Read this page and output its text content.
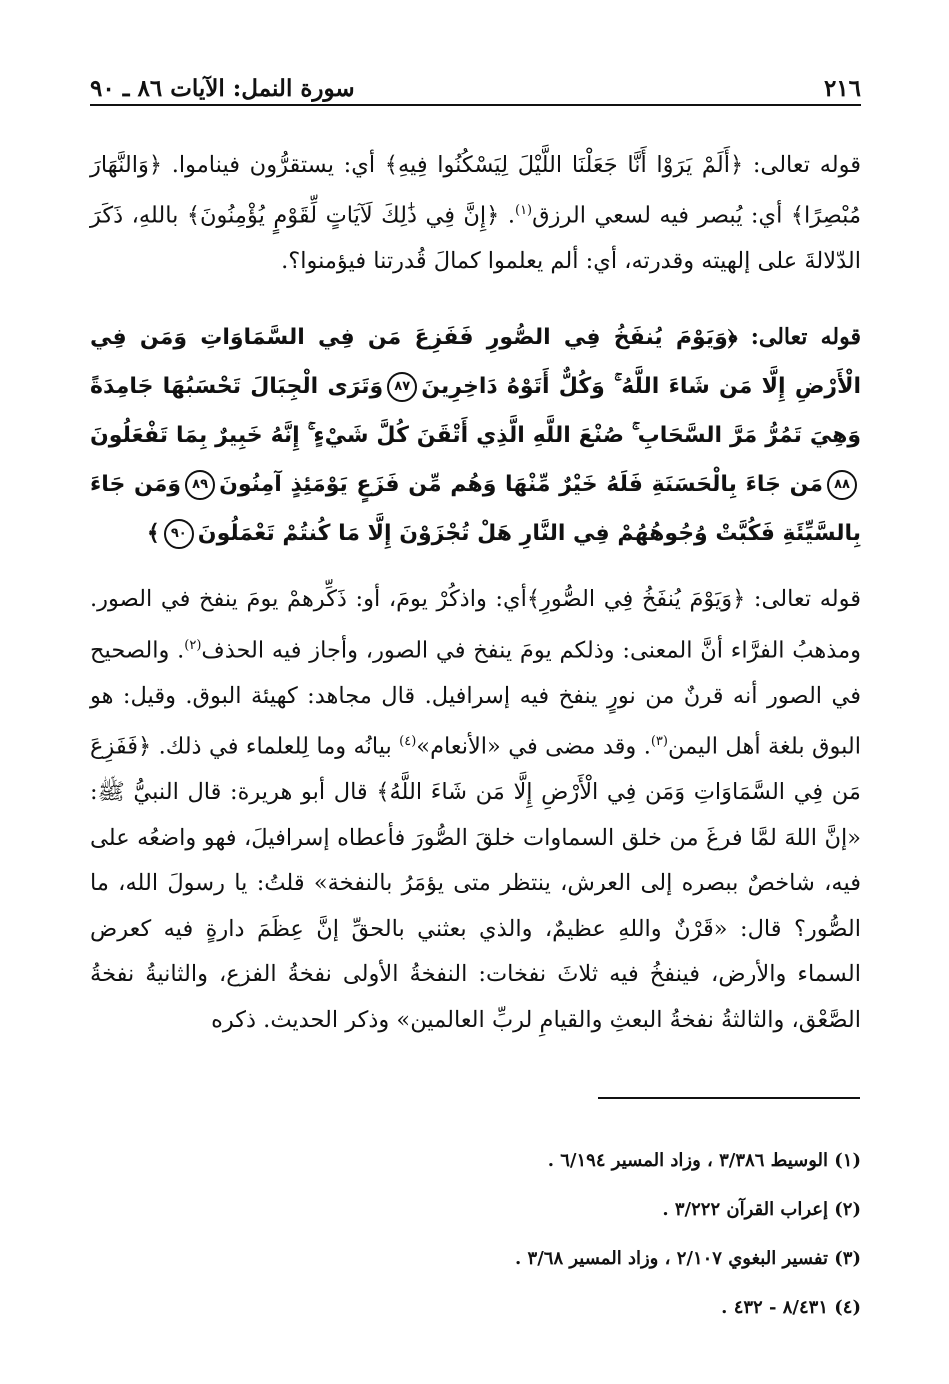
٢١٦
سورة النمل: الآيات ٨٦ ـ ٩٠
قوله تعالى: ﴿أَلَمْ يَرَوْا أَنَّا جَعَلْنَا اللَّيْلَ لِيَسْكُنُوا فِيهِ﴾ أي: يستقرُّون فيناموا. ﴿وَالنَّهَارَ مُبْصِرًا﴾ أي: يُبصر فيه لسعي الرزق$^{(١)}$. ﴿إِنَّ فِي ذَٰلِكَ لَآيَاتٍ لِّقَوْمٍ يُؤْمِنُونَ﴾ باللهِ، ذَكَرَ الدّلالةَ على إلهيته وقدرته، أي: ألم يعلموا كمالَ قُدرتنا فيؤمنوا؟.
قوله تعالى: ﴿وَيَوْمَ يُنفَخُ فِي الصُّورِ فَفَزِعَ مَن فِي السَّمَاوَاتِ وَمَن فِي الْأَرْضِ إِلَّا مَن شَاءَ اللَّهُ ۚ وَكُلٌّ أَتَوْهُ دَاخِرِينَ٨٧وَتَرَى الْجِبَالَ تَحْسَبُهَا جَامِدَةً وَهِيَ تَمُرُّ مَرَّ السَّحَابِ ۚ صُنْعَ اللَّهِ الَّذِي أَتْقَنَ كُلَّ شَيْءٍ ۚ إِنَّهُ خَبِيرٌ بِمَا تَفْعَلُونَ٨٨مَن جَاءَ بِالْحَسَنَةِ فَلَهُ خَيْرٌ مِّنْهَا وَهُم مِّن فَزَعٍ يَوْمَئِذٍ آمِنُونَ٨٩وَمَن جَاءَ بِالسَّيِّئَةِ فَكُبَّتْ وُجُوهُهُمْ فِي النَّارِ هَلْ تُجْزَوْنَ إِلَّا مَا كُنتُمْ تَعْمَلُونَ٩٠﴾
قوله تعالى: ﴿وَيَوْمَ يُنفَخُ فِي الصُّورِ﴾أي: واذكُرْ يومَ، أو: ذَكِّرهمْ يومَ ينفخ في الصور. ومذهبُ الفرَّاء أنَّ المعنى: وذلكم يومَ ينفخ في الصور، وأجاز فيه الحذف$^{(٢)}$. والصحيح في الصور أنه قرنٌ من نورٍ ينفخ فيه إسرافيل. قال مجاهد: كهيئة البوق. وقيل: هو البوق بلغة أهل اليمن$^{(٣)}$. وقد مضى في «الأنعام»$^{(٤)}$ بيانُه وما لِلعلماء في ذلك. ﴿فَفَزِعَ مَن فِي السَّمَاوَاتِ وَمَن فِي الْأَرْضِ إِلَّا مَن شَاءَ اللَّهُ﴾ قال أبو هريرة: قال النبيُّ ﷺ: «إنَّ اللهَ لمَّا فرغَ من خلق السماوات خلقَ الصُّورَ فأعطاه إسرافيلَ، فهو واضعُه على فيه، شاخصٌ ببصره إلى العرش، ينتظر متى يؤمَرُ بالنفخة» قلتُ: يا رسولَ الله، ما الصُّور؟ قال: «قَرْنٌ واللهِ عظيمٌ، والذي بعثني بالحقِّ إنَّ عِظَمَ دارةٍ فيه كعرض السماء والأرض، فينفخُ فيه ثلاثَ نفخات: النفخةُ الأولى نفخةُ الفزع، والثانيةُ نفخةُ الصَّعْق، والثالثةُ نفخةُ البعثِ والقيامِ لربِّ العالمين» وذكر الحديث. ذكره

(١) الوسيط ٣/٣٨٦ ، وزاد المسير ٦/١٩٤ .

(٢) إعراب القرآن ٣/٢٢٢ .

(٣) تفسير البغوي ٢/١٠٧ ، وزاد المسير ٣/٦٨ .

(٤) ٨/٤٣١ - ٤٣٢ .
